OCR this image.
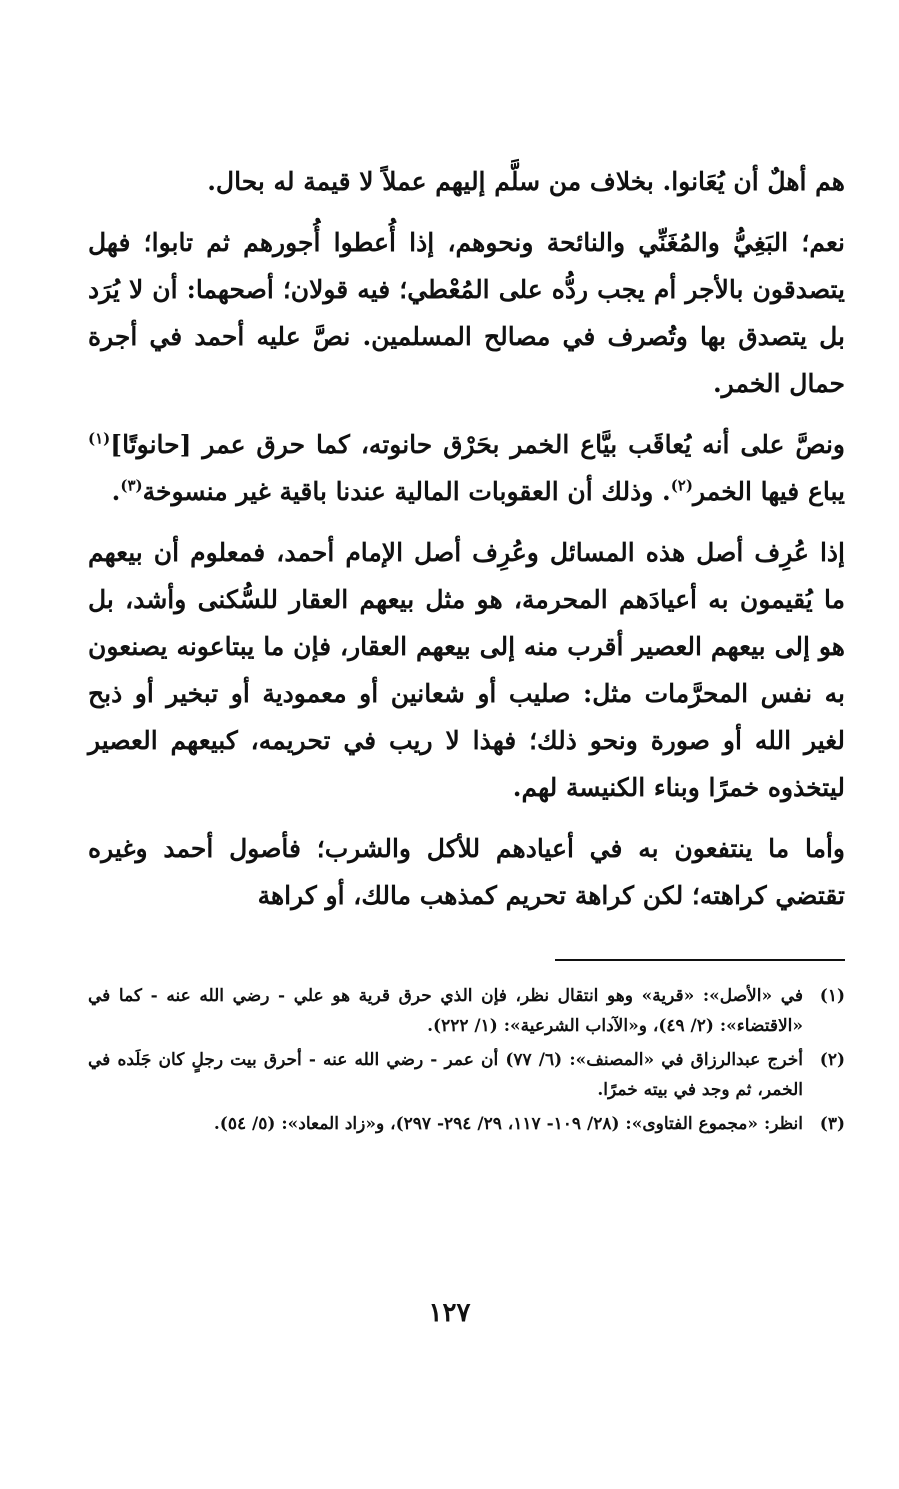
هم أهلٌ أن يُعَانوا. بخلاف من سلَّم إليهم عملاً لا قيمة له بحال.

نعم؛ البَغِيُّ والمُغَنِّي والنائحة ونحوهم، إذا أُعطوا أُجورهم ثم تابوا؛ فهل يتصدقون بالأجر أم يجب ردُّه على المُعْطي؛ فيه قولان؛ أصحهما: أن لا يُرَد بل يتصدق بها وتُصرف في مصالح المسلمين. نصَّ عليه أحمد في أجرة حمال الخمر.

ونصَّ على أنه يُعاقَب بيَّاع الخمر بحَرْق حانوته، كما حرق عمر [حانوتًا]$^{(١)}$ يباع فيها الخمر$^{(٢)}$. وذلك أن العقوبات المالية عندنا باقية غير منسوخة$^{(٣)}$.

إذا عُرِف أصل هذه المسائل وعُرِف أصل الإمام أحمد، فمعلوم أن بيعهم ما يُقيمون به أعيادَهم المحرمة، هو مثل بيعهم العقار للسُّكنى وأشد، بل هو إلى بيعهم العصير أقرب منه إلى بيعهم العقار، فإن ما يبتاعونه يصنعون به نفس المحرَّمات مثل: صليب أو شعانين أو معمودية أو تبخير أو ذبح لغير الله أو صورة ونحو ذلك؛ فهذا لا ريب في تحريمه، كبيعهم العصير ليتخذوه خمرًا وبناء الكنيسة لهم.

وأما ما ينتفعون به في أعيادهم للأكل والشرب؛ فأصول أحمد وغيره تقتضي كراهته؛ لكن كراهة تحريم كمذهب مالك، أو كراهة

(١)
في «الأصل»: «قرية» وهو انتقال نظر، فإن الذي حرق قرية هو علي - رضي الله عنه - كما في «الاقتضاء»: (٢/ ٤٩)، و«الآداب الشرعية»: (١/ ٢٢٢).
(٢)
أخرج عبدالرزاق في «المصنف»: (٦/ ٧٧) أن عمر - رضي الله عنه - أحرق بيت رجلٍ كان جَلَده في الخمر، ثم وجد في بيته خمرًا.
(٣)
انظر: «مجموع الفتاوى»: (٢٨/ ١٠٩- ١١٧، ٢٩/ ٢٩٤- ٢٩٧)، و«زاد المعاد»: (٥/ ٥٤).
١٢٧
